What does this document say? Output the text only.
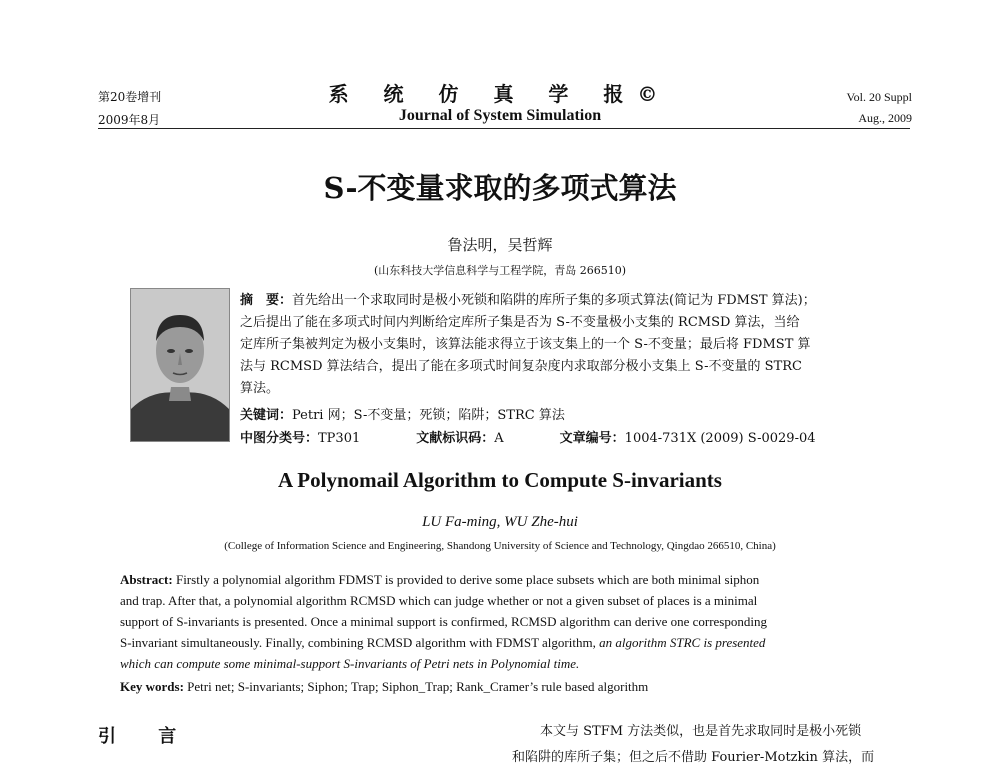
第20卷增刊
2009年8月
系 统 仿 真 学 报©
Journal of System Simulation
Vol. 20 Suppl
Aug., 2009
S-不变量求取的多项式算法
鲁法明，吴哲辉
(山东科技大学信息科学与工程学院，青岛 266510)
摘　要：首先给出一个求取同时是极小死锁和陷阱的库所子集的多项式算法(简记为 FDMST 算法)；
之后提出了能在多项式时间内判断给定库所子集是否为 S-不变量极小支集的 RCMSD 算法，当给
定库所子集被判定为极小支集时，该算法能求得立于该支集上的一个 S-不变量；最后将 FDMST 算
法与 RCMSD 算法结合，提出了能在多项式时间复杂度内求取部分极小支集上 S-不变量的 STRC
算法。
关键词：Petri 网；S-不变量；死锁；陷阱；STRC 算法
中图分类号：TP301	文献标识码：A	文章编号：1004-731X (2009) S-0029-04
A Polynomail Algorithm to Compute S-invariants
LU Fa-ming, WU Zhe-hui
(College of Information Science and Engineering, Shandong University of Science and Technology, Qingdao 266510, China)
Abstract: Firstly a polynomial algorithm FDMST is provided to derive some place subsets which are both minimal siphon
and trap. After that, a polynomial algorithm RCMSD which can judge whether or not a given subset of places is a minimal
support of S-invariants is presented. Once a minimal support is confirmed, RCMSD algorithm can derive one corresponding
S-invariant simultaneously. Finally, combining RCMSD algorithm with FDMST algorithm, an algorithm STRC is presented
which can compute some minimal-support S-invariants of Petri nets in Polynomial time.
Key words: Petri net; S-invariants; Siphon; Trap; Siphon_Trap; Rank_Cramer’s rule based algorithm
引 言	本文与 STFM 方法类似，也是首先求取同时是极小死锁
和陷阱的库所子集；但之后不借助 Fourier-Motzkin 算法，而
